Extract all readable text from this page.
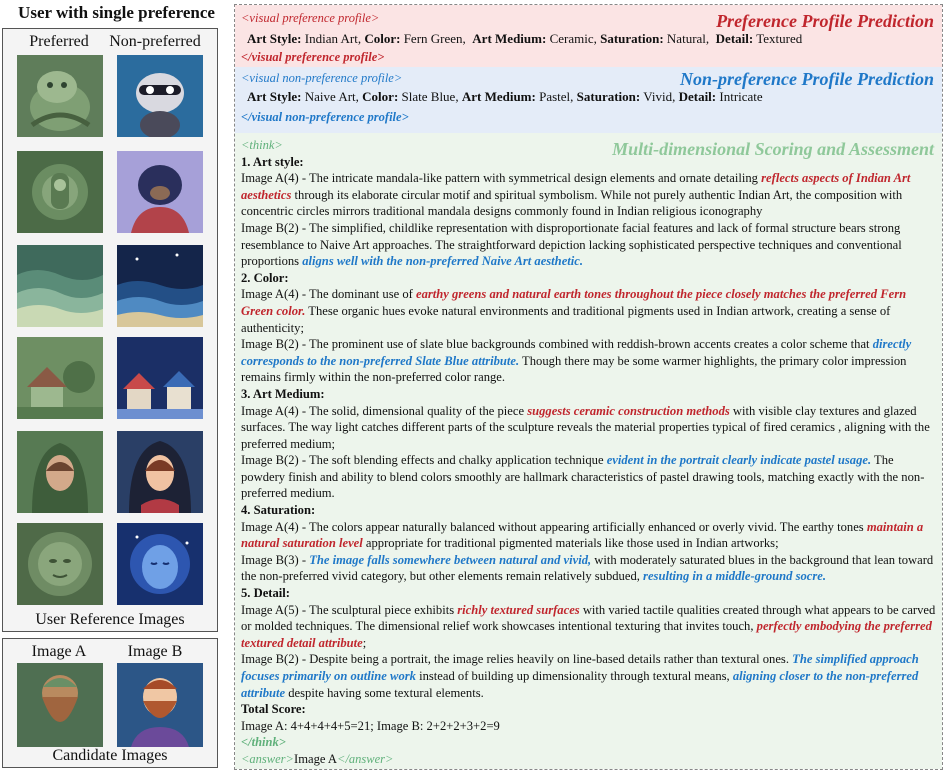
User with single preference
Preferred	Non-preferred
User Reference Images
Image A	Image B
Candidate Images
<visual preference profile>	Preference Profile Prediction
Art Style: Indian Art, Color: Fern Green,  Art Medium: Ceramic, Saturation: Natural,  Detail: Textured
</visual preference profile>
<visual non-preference profile>	Non-preference Profile Prediction
Art Style: Naive Art, Color: Slate Blue, Art Medium: Pastel, Saturation: Vivid, Detail: Intricate
</visual non-preference profile>
Multi-dimensional Scoring and Assessment

<think>

1. Art style:

Image A(4) - The intricate mandala-like pattern with symmetrical design elements and ornate detailing reflects aspects of Indian Art aesthetics through its elaborate circular motif and spiritual symbolism. While not purely authentic Indian Art, the composition with concentric circles mirrors traditional mandala designs commonly found in Indian religious iconography

Image B(2) - The simplified, childlike representation with disproportionate facial features and lack of formal structure bears strong resemblance to Naive Art approaches. The straightforward depiction lacking sophisticated perspective techniques and conventional proportions aligns well with the non-preferred Naive Art aesthetic.

2. Color:

Image A(4) - The dominant use of earthy greens and natural earth tones throughout the piece closely matches the preferred Fern Green color. These organic hues evoke natural environments and traditional pigments used in Indian artwork, creating a sense of authenticity;

Image B(2) - The prominent use of slate blue backgrounds combined with reddish-brown accents creates a color scheme that directly corresponds to the non-preferred Slate Blue attribute. Though there may be some warmer highlights, the primary color impression remains firmly within the non-preferred color range.

3. Art Medium:

Image A(4) - The solid, dimensional quality of the piece suggests ceramic construction methods with visible clay textures and glazed surfaces. The way light catches different parts of the sculpture reveals the material properties typical of fired ceramics , aligning with the preferred medium;

Image B(2) - The soft blending effects and chalky application technique evident in the portrait clearly indicate pastel usage. The powdery finish and ability to blend colors smoothly are hallmark characteristics of pastel drawing tools, matching exactly with the non-preferred medium.

4. Saturation:

Image A(4) - The colors appear naturally balanced without appearing artificially enhanced or overly vivid. The earthy tones maintain a natural saturation level appropriate for traditional pigmented materials like those used in Indian artworks;

Image B(3) - The image falls somewhere between natural and vivid, with moderately saturated blues in the background that lean toward the non-preferred vivid category, but other elements remain relatively subdued, resulting in a middle-ground socre.

5. Detail:

Image A(5) - The sculptural piece exhibits richly textured surfaces with varied tactile qualities created through what appears to be carved or molded techniques. The dimensional relief work showcases intentional texturing that invites touch, perfectly embodying the preferred textured detail attribute;

Image B(2) - Despite being a portrait, the image relies heavily on line-based details rather than textural ones. The simplified approach focuses primarily on outline work instead of building up dimensionality through textural means, aligning closer to the non-preferred attribute despite having some textural elements.

Total Score:

Image A: 4+4+4+4+5=21; Image B: 2+2+2+3+2=9

</think>

<answer>Image A</answer>
